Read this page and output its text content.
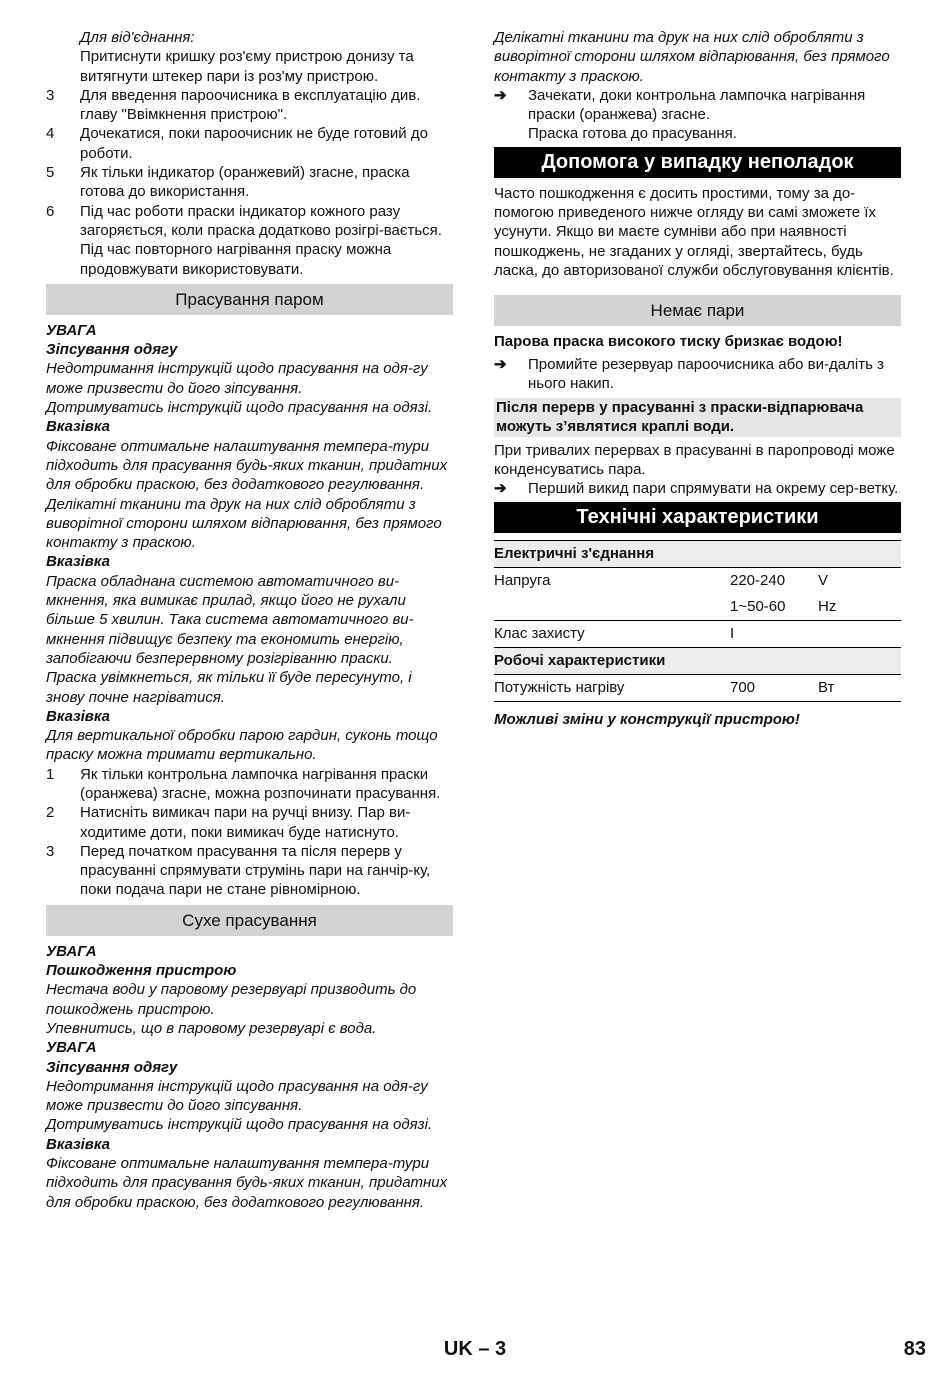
Для від'єднання:

Притиснути кришку роз'єму пристрою донизу та витягнути штекер пари із роз'му пристрою.

3	Для введення пароочисника в експлуатацію див. главу "Ввімкнення пристрою".
4	Дочекатися, поки пароочисник не буде готовий до роботи.
5	Як тільки індикатор (оранжевий) згасне, праска готова до використання.
6	Під час роботи праски індикатор кожного разу загоряється, коли праска додатково розігрі-вається. Під час повторного нагрівання праску можна продовжувати використовувати.
Прасування паром

УВАГА

Зіпсування одягу

Недотримання інструкцій щодо прасування на одя-гу може призвести до його зіпсування.

Дотримуватись інструкцій щодо прасування на одязі.

Вказівка

Фіксоване оптимальне налаштування темпера-тури підходить для прасування будь-яких тканин, придатних для обробки праскою, без додаткового регулювання.

Делікатні тканини та друк на них слід обробляти з виворітної сторони шляхом відпарювання, без прямого контакту з праскою.

Вказівка

Праска обладнана системою автоматичного ви-мкнення, яка вимикає прилад, якщо його не рухали більше 5 хвилин. Така система автоматичного ви-мкнення підвищує безпеку та економить енергію, запобігаючи безперервному розігріванню праски.

Праска увімкнеться, як тільки її буде пересунуто, і знову почне нагріватися.

Вказівка

Для вертикальної обробки парою гардин, суконь тощо праску можна тримати вертикально.

1	Як тільки контрольна лампочка нагрівання праски (оранжева) згасне, можна розпочинати прасування.
2	Натисніть вимикач пари на ручці внизу. Пар ви-ходитиме доти, поки вимикач буде натиснуто.
3	Перед початком прасування та після перерв у прасуванні спрямувати струмінь пари на ганчір-ку, поки подача пари не стане рівномірною.
Сухе прасування

УВАГА

Пошкодження пристрою

Нестача води у паровому резервуарі призводить до пошкоджень пристрою.

Упевнитись, що в паровому резервуарі є вода.

УВАГА

Зіпсування одягу

Недотримання інструкцій щодо прасування на одя-гу може призвести до його зіпсування.

Дотримуватись інструкцій щодо прасування на одязі.

Вказівка

Фіксоване оптимальне налаштування темпера-тури підходить для прасування будь-яких тканин, придатних для обробки праскою, без додаткового регулювання.

Делікатні тканини та друк на них слід обробляти з виворітної сторони шляхом відпарювання, без прямого контакту з праскою.

➔	Зачекати, доки контрольна лампочка нагрівання праски (оранжева) згасне.

Праска готова до прасування.

Допомога у випадку неполадок

Часто пошкодження є досить простими, тому за до-помогою приведеного нижче огляду ви самі зможете їх усунути. Якщо ви маєте сумніви або при наявності пошкоджень, не згаданих у огляді, звертайтесь, будь ласка, до авторизованої служби обслуговування клієнтів.

Немає пари

Парова праска високого тиску бризкає водою!

➔	Промийте резервуар пароочисника або ви-даліть з нього накип.

Після перерв у прасуванні з праски-відпарювача можуть з’являтися краплі води.

При тривалих перервах в прасуванні в паропроводі може конденсуватись пара.

➔	Перший викид пари спрямувати на окрему сер-ветку.
Технічні характеристики
Електричні з'єднання		
Напруга	220-240	V
	1~50-60	Hz
Клас захисту	I	
Робочі характеристики		
Потужність нагріву	700	Вт

Можливі зміни у конструкції пристрою!

UK – 3	83
